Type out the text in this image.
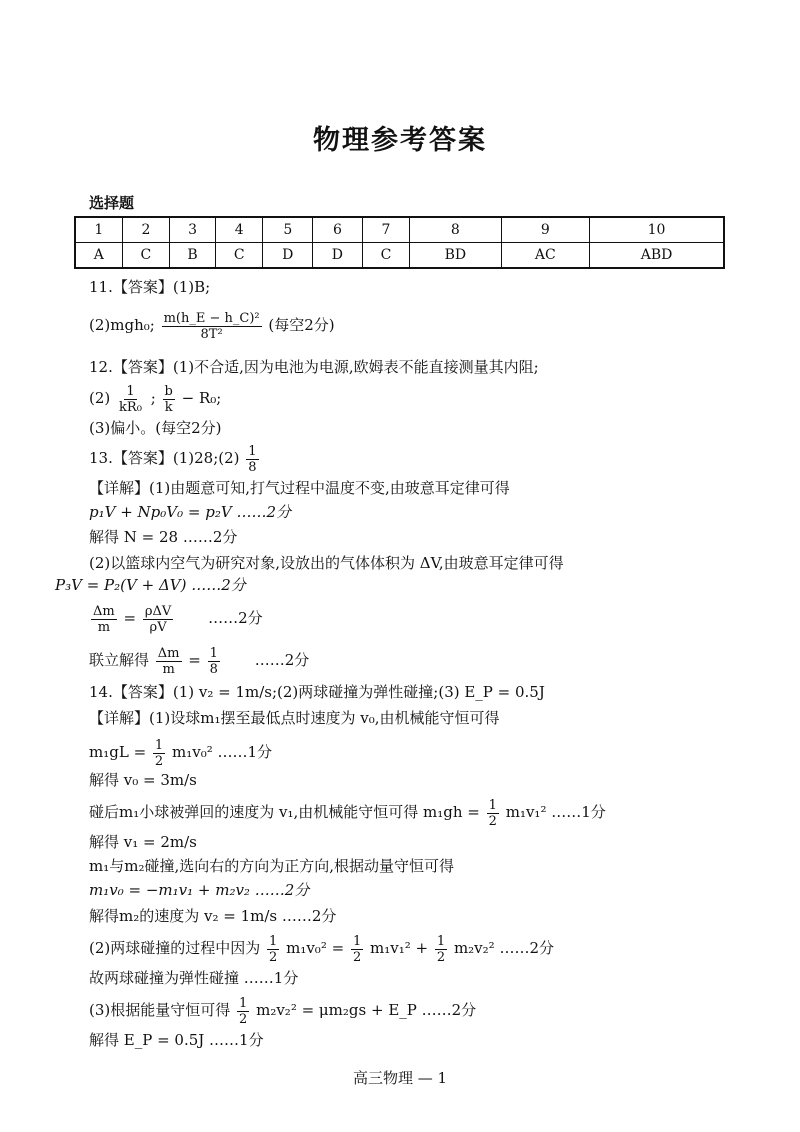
物理参考答案
选择题
1	2	3	4	5	6	7	8	9	10
A	C	B	C	D	D	C	BD	AC	ABD
11.【答案】(1)B;
(2)mgh₀; $\frac{\text{m(h\_E − h\_C)²}}{\text{8T²}}$ (每空2分)
12.【答案】(1)不合适,因为电池为电源,欧姆表不能直接测量其内阻;
$(2) \frac{1}{\text{kR₀}}$ ; $\frac{b}{k} - R_0$;
(3)偏小。(每空2分)
13.【答案】(1)28;(2) $\frac{1}{8}$
【详解】(1)由题意可知,打气过程中温度不变,由玻意耳定律可得
p₁V + Np₀V₀ = p₂V ……2分
解得 N = 28 ……2分
(2)以篮球内空气为研究对象,设放出的气体体积为 ΔV,由玻意耳定律可得
P₃V = P₂(V + ΔV) ……2分
$\frac{\Delta m}{m} = \frac{\text{ρΔV}}{\rho V}$ ……2分
联立解得 $\frac{\Delta m}{m} = \frac{1}{8}$ ……2分
14.【答案】(1) v₂ = 1m/s;(2)两球碰撞为弹性碰撞;(3) E_P = 0.5J
【详解】(1)设球m₁摆至最低点时速度为 v₀,由机械能守恒可得
$m_1gL = \frac{1}{2} m_1v_0^2$ ……1分
解得 v₀ = 3m/s
碰后m₁小球被弹回的速度为 v₁,由机械能守恒可得 $m_1gh = \frac{1}{2} m_1v_1^2$ ……1分
解得 v₁ = 2m/s
m₁与m₂碰撞,选向右的方向为正方向,根据动量守恒可得
m₁v₀ = −m₁v₁ + m₂v₂ ……2分
解得m₂的速度为 v₂ = 1m/s ……2分
(2)两球碰撞的过程中因为 $\frac{1}{2} m_1v_0^2 = \frac{1}{2} m_1v_1^2 + \frac{1}{2} m_2v_2^2$ ……2分
故两球碰撞为弹性碰撞 ……1分
(3)根据能量守恒可得 $\frac{1}{2} m_2v_2^2 = \mu m_2gs$ + E_P ……2分
解得 E_P = 0.5J ……1分
高三物理 — 1
